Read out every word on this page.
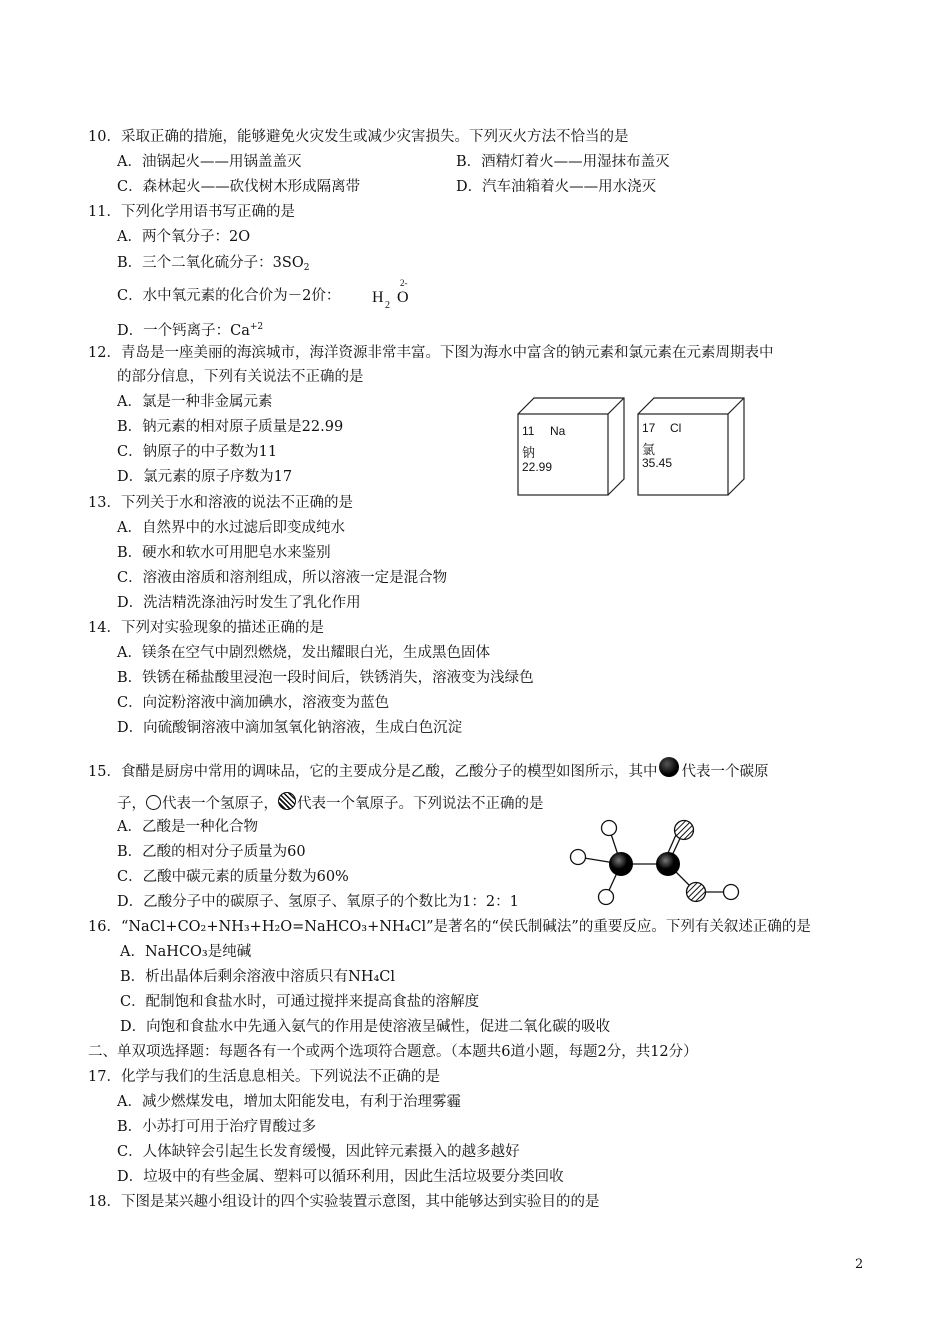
10．采取正确的措施，能够避免火灾发生或减少灾害损失。下列灭火方法不恰当的是
A．油锅起火——用锅盖盖灭	B．酒精灯着火——用湿抹布盖灭
C．森林起火——砍伐树木形成隔离带	D．汽车油箱着火——用水浇灭
11．下列化学用语书写正确的是
A．两个氧分子：2O
B．三个二氧化硫分子：$3SO_2$
C．水中氧元素的化合价为－2价： H 2 O
2-
D．一个钙离子：$Ca^{+2}$
12．青岛是一座美丽的海滨城市，海洋资源非常丰富。下图为海水中富含的钠元素和氯元素在元素周期表中
的部分信息，下列有关说法不正确的是
A．氯是一种非金属元素
B．钠元素的相对原子质量是22.99
C．钠原子的中子数为11
D．氯元素的原子序数为17
11 Na
钠
22.99
17 Cl
氯
35.45
13．下列关于水和溶液的说法不正确的是
A．自然界中的水过滤后即变成纯水
B．硬水和软水可用肥皂水来鉴别
C．溶液由溶质和溶剂组成，所以溶液一定是混合物
D．洗洁精洗涤油污时发生了乳化作用
14．下列对实验现象的描述正确的是
A．镁条在空气中剧烈燃烧，发出耀眼白光，生成黑色固体
B．铁锈在稀盐酸里浸泡一段时间后，铁锈消失，溶液变为浅绿色
C．向淀粉溶液中滴加碘水，溶液变为蓝色
D．向硫酸铜溶液中滴加氢氧化钠溶液，生成白色沉淀
15．食醋是厨房中常用的调味品，它的主要成分是乙酸，乙酸分子的模型如图所示，其中 代表一个碳原
子， 代表一个氢原子， 代表一个氧原子。下列说法不正确的是
A．乙酸是一种化合物
B．乙酸的相对分子质量为60
C．乙酸中碳元素的质量分数为60%
D．乙酸分子中的碳原子、氢原子、氧原子的个数比为1：2：1
16．“NaCl+CO₂+NH₃+H₂O=NaHCO₃+NH₄Cl”是著名的“侯氏制碱法”的重要反应。下列有关叙述正确的是
A．NaHCO₃是纯碱
B．析出晶体后剩余溶液中溶质只有NH₄Cl
C．配制饱和食盐水时，可通过搅拌来提高食盐的溶解度
D．向饱和食盐水中先通入氨气的作用是使溶液呈碱性，促进二氧化碳的吸收
二、单双项选择题：每题各有一个或两个选项符合题意。（本题共6道小题，每题2分，共12分）
17．化学与我们的生活息息相关。下列说法不正确的是
A．减少燃煤发电，增加太阳能发电，有利于治理雾霾
B．小苏打可用于治疗胃酸过多
C．人体缺锌会引起生长发育缓慢，因此锌元素摄入的越多越好
D．垃圾中的有些金属、塑料可以循环利用，因此生活垃圾要分类回收
18．下图是某兴趣小组设计的四个实验装置示意图，其中能够达到实验目的的是
2
